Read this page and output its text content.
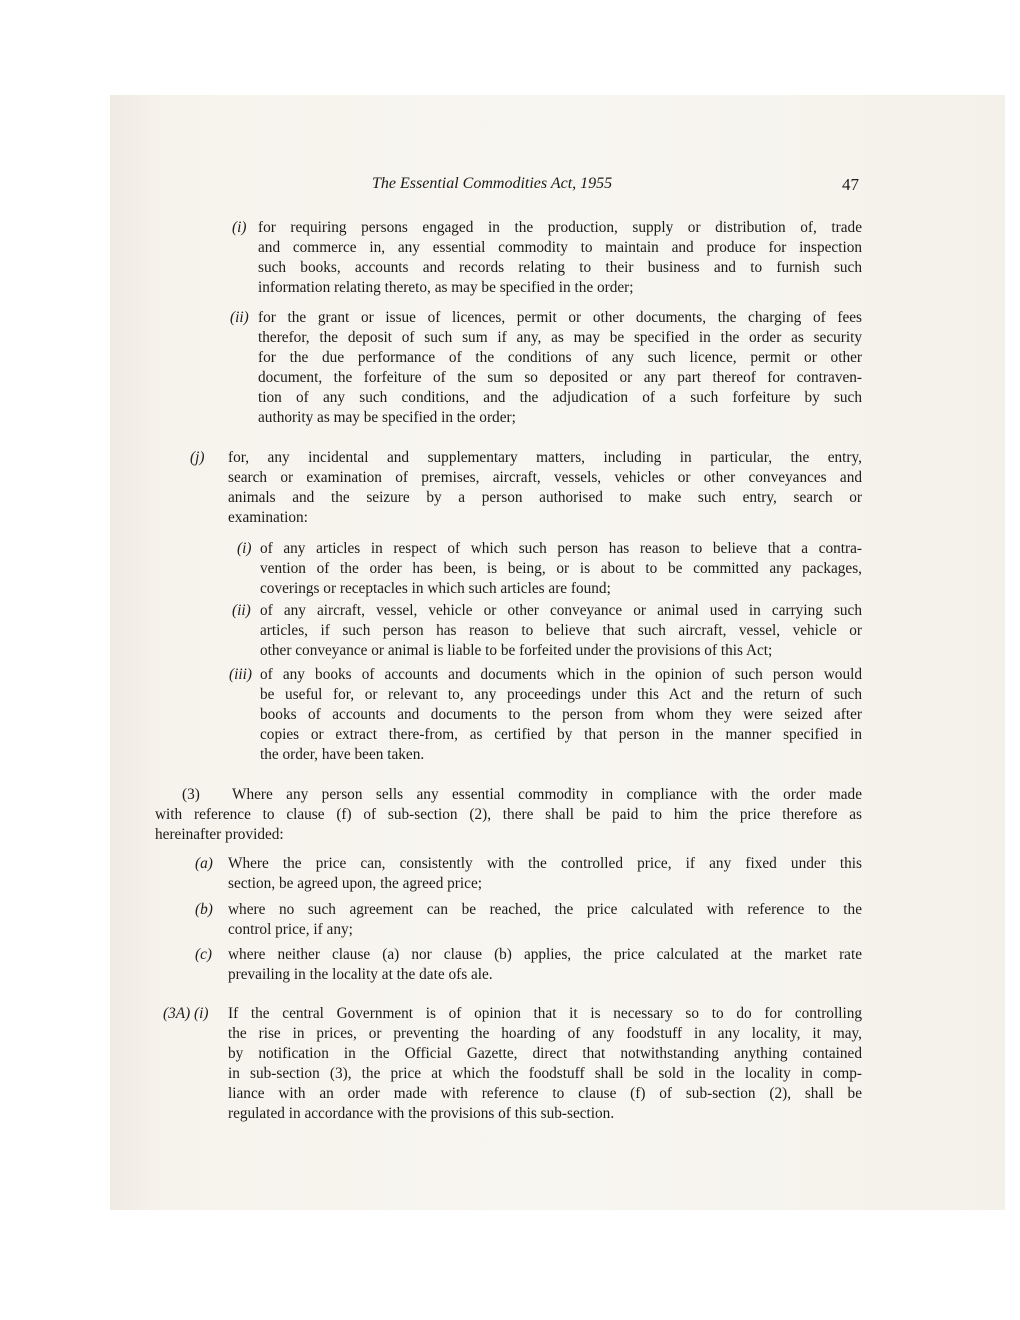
The Essential Commodities Act, 1955	47
(i) for requiring persons engaged in the production, supply or distribution of, trade
and commerce in, any essential commodity to maintain and produce for inspection
such books, accounts and records relating to their business and to furnish such
information relating thereto, as may be specified in the order;
(ii) for the grant or issue of licences, permit or other documents, the charging of fees
therefor, the deposit of such sum if any, as may be specified in the order as security
for the due performance of the conditions of any such licence, permit or other
document, the forfeiture of the sum so deposited or any part thereof for contraven-
tion of any such conditions, and the adjudication of a such forfeiture by such
authority as may be specified in the order;
(j) for, any incidental and supplementary matters, including in particular, the entry,
search or examination of premises, aircraft, vessels, vehicles or other conveyances and
animals and the seizure by a person authorised to make such entry, search or
examination:
(i) of any articles in respect of which such person has reason to believe that a contra-
vention of the order has been, is being, or is about to be committed any packages,
coverings or receptacles in which such articles are found;
(ii) of any aircraft, vessel, vehicle or other conveyance or animal used in carrying such
articles, if such person has reason to believe that such aircraft, vessel, vehicle or
other conveyance or animal is liable to be forfeited under the provisions of this Act;
(iii) of any books of accounts and documents which in the opinion of such person would
be useful for, or relevant to, any proceedings under this Act and the return of such
books of accounts and documents to the person from whom they were seized after
copies or extract there-from, as certified by that person in the manner specified in
the order, have been taken.
(3) Where any person sells any essential commodity in compliance with the order made
with reference to clause (f) of sub-section (2), there shall be paid to him the price therefore as
hereinafter provided:
(a) Where the price can, consistently with the controlled price, if any fixed under this
section, be agreed upon, the agreed price;
(b) where no such agreement can be reached, the price calculated with reference to the
control price, if any;
(c) where neither clause (a) nor clause (b) applies, the price calculated at the market rate
prevailing in the locality at the date ofs ale.
(3A) (i) If the central Government is of opinion that it is necessary so to do for controlling
the rise in prices, or preventing the hoarding of any foodstuff in any locality, it may,
by notification in the Official Gazette, direct that notwithstanding anything contained
in sub-section (3), the price at which the foodstuff shall be sold in the locality in comp-
liance with an order made with reference to clause (f) of sub-section (2), shall be
regulated in accordance with the provisions of this sub-section.
